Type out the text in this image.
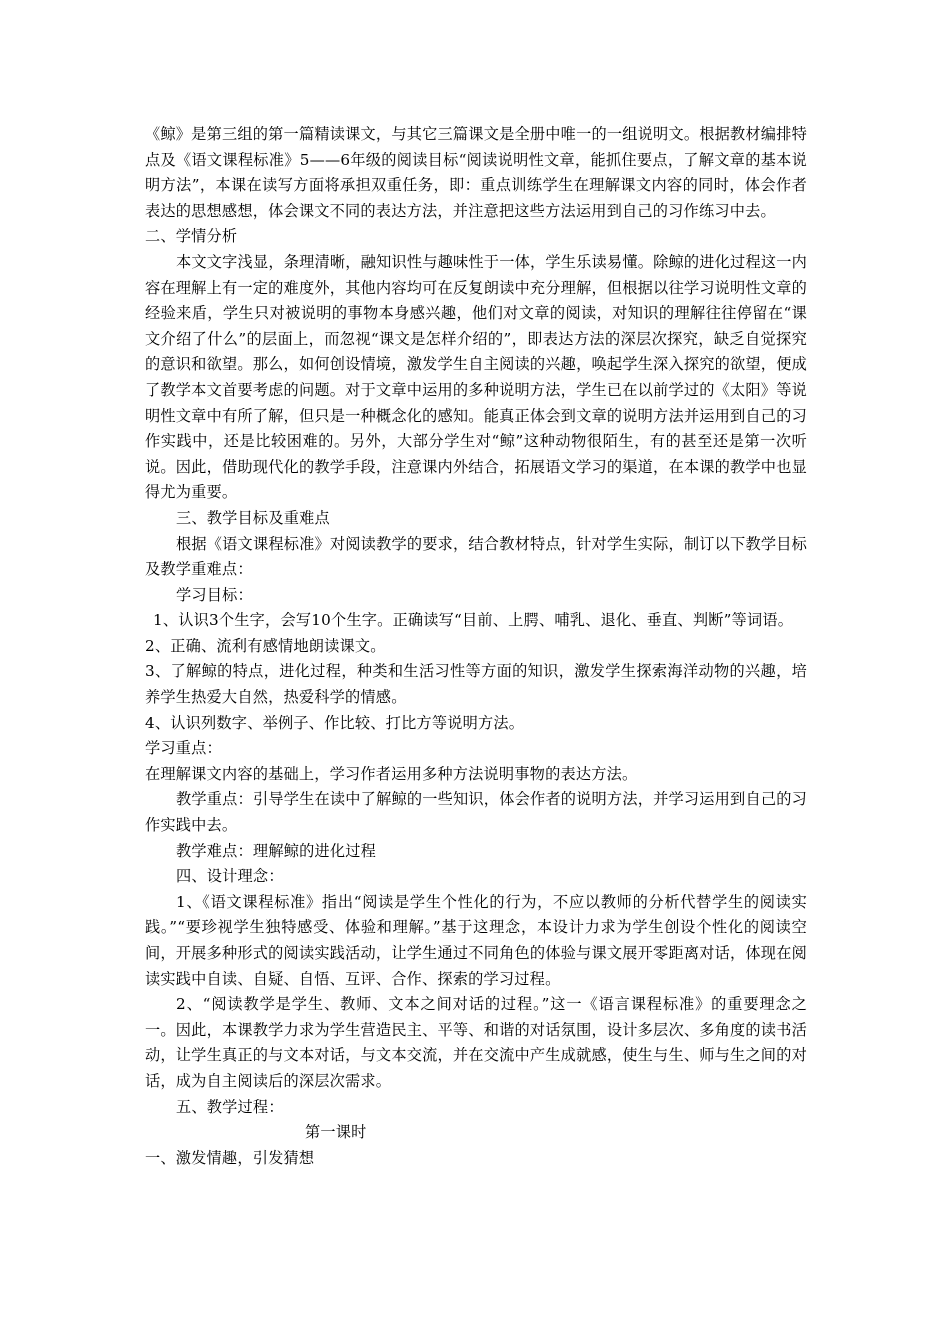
《鲸》是第三组的第一篇精读课文，与其它三篇课文是全册中唯一的一组说明文。根据教材编排特点及《语文课程标准》5——6年级的阅读目标“阅读说明性文章，能抓住要点，了解文章的基本说明方法”，本课在读写方面将承担双重任务，即：重点训练学生在理解课文内容的同时，体会作者表达的思想感想，体会课文不同的表达方法，并注意把这些方法运用到自己的习作练习中去。

二、学情分析

本文文字浅显，条理清晰，融知识性与趣味性于一体，学生乐读易懂。除鲸的进化过程这一内容在理解上有一定的难度外，其他内容均可在反复朗读中充分理解，但根据以往学习说明性文章的经验来盾，学生只对被说明的事物本身感兴趣，他们对文章的阅读，对知识的理解往往停留在“课文介绍了什么”的层面上，而忽视“课文是怎样介绍的”，即表达方法的深层次探究，缺乏自觉探究的意识和欲望。那么，如何创设情境，激发学生自主阅读的兴趣，唤起学生深入探究的欲望，便成了教学本文首要考虑的问题。对于文章中运用的多种说明方法，学生已在以前学过的《太阳》等说明性文章中有所了解，但只是一种概念化的感知。能真正体会到文章的说明方法并运用到自己的习作实践中，还是比较困难的。另外，大部分学生对“鲸”这种动物很陌生，有的甚至还是第一次听说。因此，借助现代化的教学手段，注意课内外结合，拓展语文学习的渠道，在本课的教学中也显得尤为重要。

三、教学目标及重难点

根据《语文课程标准》对阅读教学的要求，结合教材特点，针对学生实际，制订以下教学目标及教学重难点：

学习目标：

1、认识3个生字，会写10个生字。正确读写“目前、上腭、哺乳、退化、垂直、判断”等词语。

2、正确、流利有感情地朗读课文。

3、了解鲸的特点，进化过程，种类和生活习性等方面的知识，激发学生探索海洋动物的兴趣，培养学生热爱大自然，热爱科学的情感。

4、认识列数字、举例子、作比较、打比方等说明方法。

学习重点：

在理解课文内容的基础上，学习作者运用多种方法说明事物的表达方法。

教学重点：引导学生在读中了解鲸的一些知识，体会作者的说明方法，并学习运用到自己的习作实践中去。

教学难点：理解鲸的进化过程

四、设计理念：

1、《语文课程标准》指出“阅读是学生个性化的行为，不应以教师的分析代替学生的阅读实践。”“要珍视学生独特感受、体验和理解。”基于这理念，本设计力求为学生创设个性化的阅读空间，开展多种形式的阅读实践活动，让学生通过不同角色的体验与课文展开零距离对话，体现在阅读实践中自读、自疑、自悟、互评、合作、探索的学习过程。

2、“阅读教学是学生、教师、文本之间对话的过程。”这一《语言课程标准》的重要理念之一。因此，本课教学力求为学生营造民主、平等、和谐的对话氛围，设计多层次、多角度的读书活动，让学生真正的与文本对话，与文本交流，并在交流中产生成就感，使生与生、师与生之间的对话，成为自主阅读后的深层次需求。

五、教学过程：

第一课时

一、激发情趣，引发猜想
